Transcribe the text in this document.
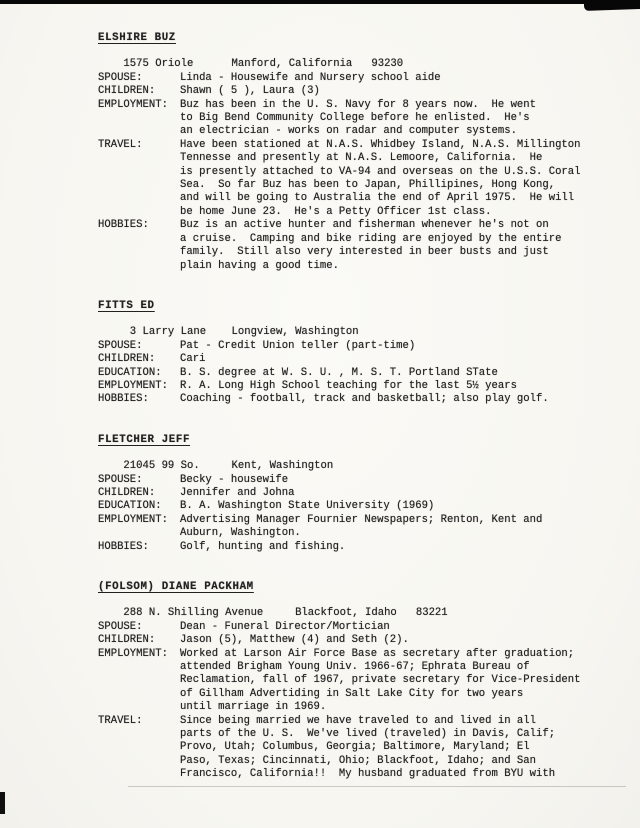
ELSHIRE BUZ
1575 Oriole      Manford, California   93230
SPOUSE:	Linda - Housewife and Nursery school aide
CHILDREN:	Shawn ( 5 ), Laura (3)
EMPLOYMENT:	Buz has been in the U. S. Navy for 8 years now.  He went
to Big Bend Community College before he enlisted.  He's
an electrician - works on radar and computer systems.
TRAVEL:	Have been stationed at N.A.S. Whidbey Island, N.A.S. Millington
Tennesse and presently at N.A.S. Lemoore, California.  He
is presently attached to VA-94 and overseas on the U.S.S. Coral
Sea.  So far Buz has been to Japan, Phillipines, Hong Kong,
and will be going to Australia the end of April 1975.  He will
be home June 23.  He's a Petty Officer 1st class.
HOBBIES:	Buz is an active hunter and fisherman whenever he's not on
a cruise.  Camping and bike riding are enjoyed by the entire
family.  Still also very interested in beer busts and just
plain having a good time.
FITTS ED
3 Larry Lane    Longview, Washington
SPOUSE:	Pat - Credit Union teller (part-time)
CHILDREN:	Cari
EDUCATION:	B. S. degree at W. S. U. , M. S. T. Portland STate
EMPLOYMENT:	R. A. Long High School teaching for the last 5½ years
HOBBIES:	Coaching - football, track and basketball; also play golf.
FLETCHER JEFF
21045 99 So.     Kent, Washington
SPOUSE:	Becky - housewife
CHILDREN:	Jennifer and Johna
EDUCATION:	B. A. Washington State University (1969)
EMPLOYMENT:	Advertising Manager Fournier Newspapers; Renton, Kent and
Auburn, Washington.
HOBBIES:	Golf, hunting and fishing.
(FOLSOM) DIANE PACKHAM
288 N. Shilling Avenue     Blackfoot, Idaho   83221
SPOUSE:	Dean - Funeral Director/Mortician
CHILDREN:	Jason (5), Matthew (4) and Seth (2).
EMPLOYMENT:	Worked at Larson Air Force Base as secretary after graduation;
attended Brigham Young Univ. 1966-67; Ephrata Bureau of
Reclamation, fall of 1967, private secretary for Vice-President
of Gillham Advertiding in Salt Lake City for two years
until marriage in 1969.
TRAVEL:	Since being married we have traveled to and lived in all
parts of the U. S.  We've lived (traveled) in Davis, Calif;
Provo, Utah; Columbus, Georgia; Baltimore, Maryland; El
Paso, Texas; Cincinnati, Ohio; Blackfoot, Idaho; and San
Francisco, California!!  My husband graduated from BYU with
